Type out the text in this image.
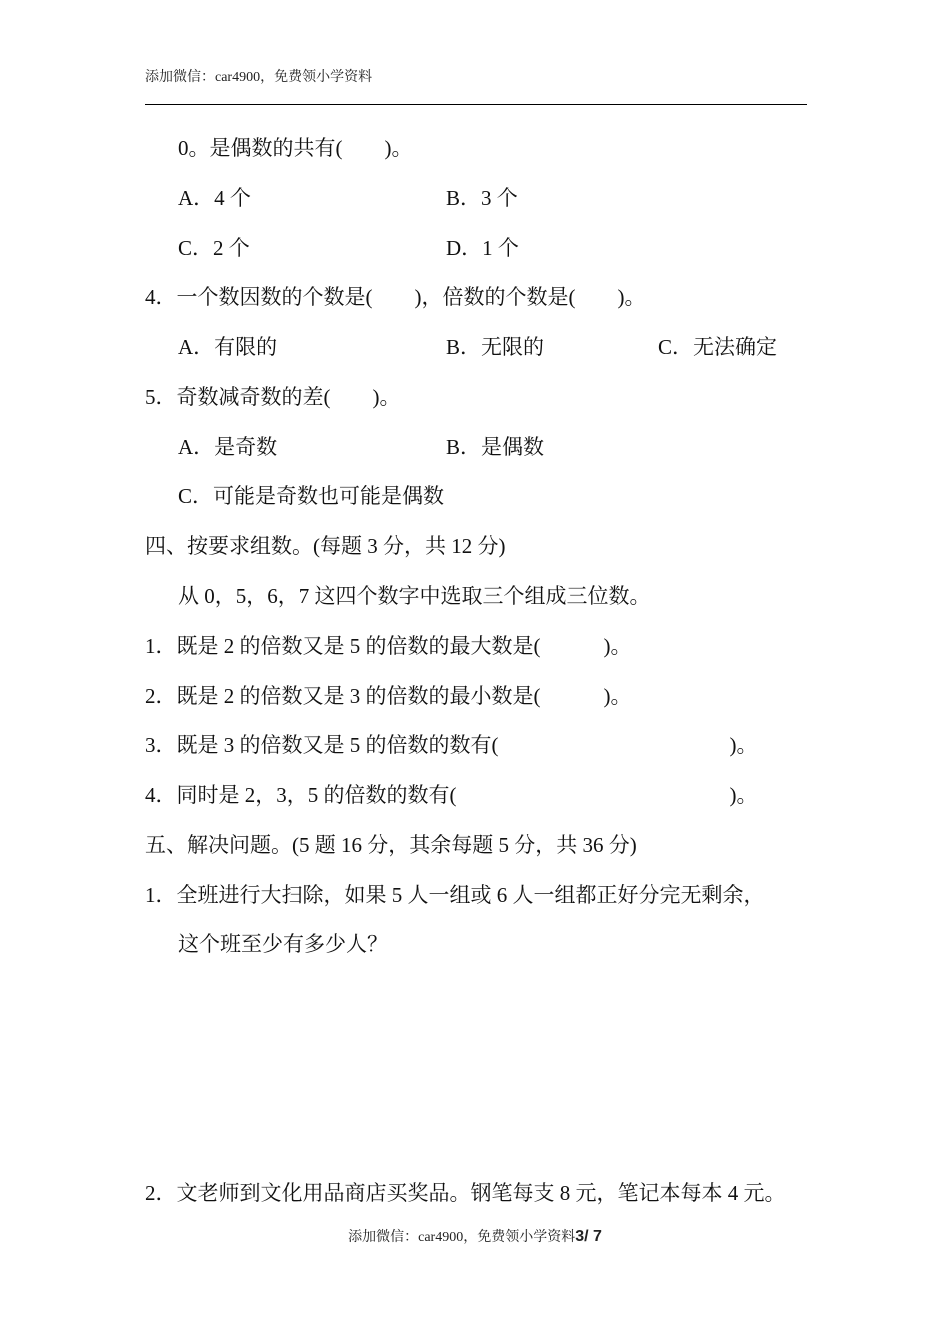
添加微信：car4900，免费领小学资料
0。是偶数的共有(　　)。
A．4 个	B．3 个
C．2 个	D．1 个
4．一个数因数的个数是(　　)，倍数的个数是(　　)。
A．有限的	B．无限的	C．无法确定
5．奇数减奇数的差(　　)。
A．是奇数	B．是偶数
C．可能是奇数也可能是偶数
四、按要求组数。(每题 3 分，共 12 分)
从 0，5，6，7 这四个数字中选取三个组成三位数。
1．既是 2 的倍数又是 5 的倍数的最大数是(　　　)。
2．既是 2 的倍数又是 3 的倍数的最小数是(　　　)。
3．既是 3 的倍数又是 5 的倍数的数有(　　　　　　　　　　　)。
4．同时是 2，3，5 的倍数的数有(　　　　　　　　　　　　　)。
五、解决问题。(5 题 16 分，其余每题 5 分，共 36 分)
1．全班进行大扫除，如果 5 人一组或 6 人一组都正好分完无剩余，
这个班至少有多少人？
2．文老师到文化用品商店买奖品。钢笔每支 8 元，笔记本每本 4 元。
添加微信：car4900，免费领小学资料3/ 7
